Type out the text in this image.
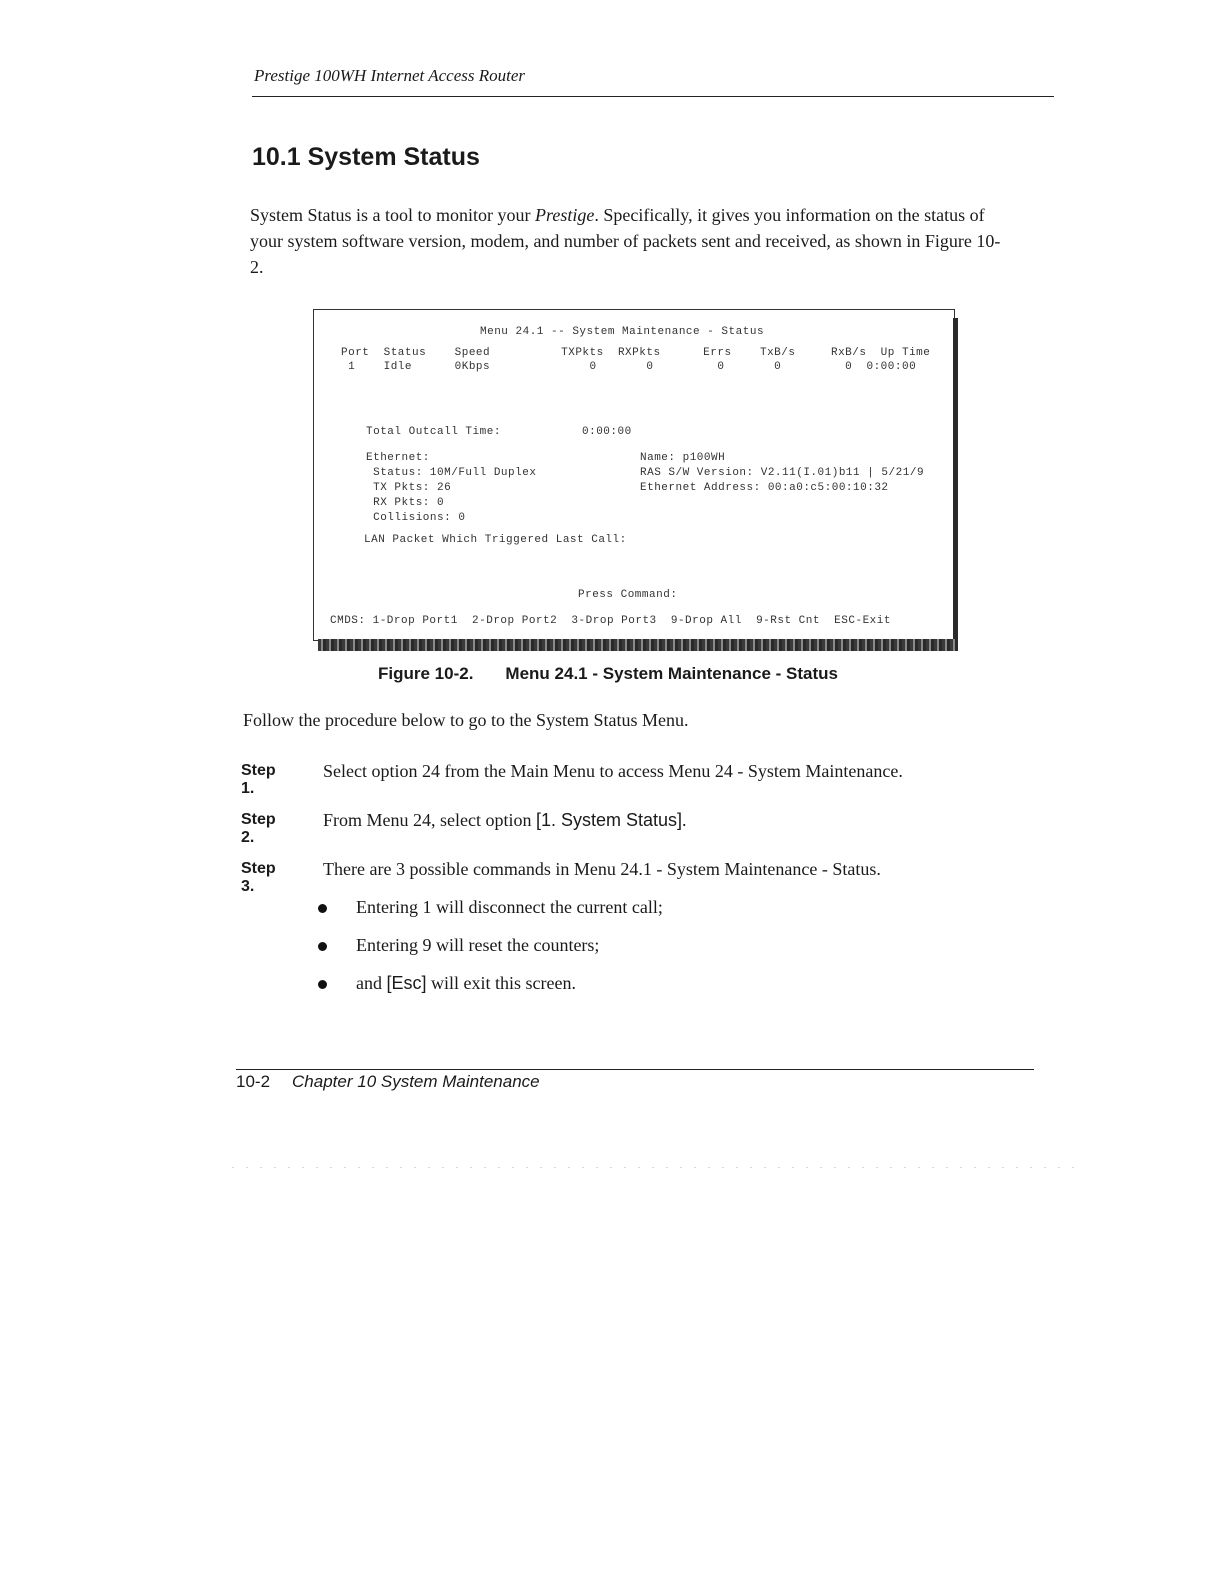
Prestige 100WH Internet Access Router
10.1 System Status

System Status is a tool to monitor your Prestige. Specifically, it gives you information on the status of your system software version, modem, and number of packets sent and received, as shown in Figure 10-2.

Menu 24.1 -- System Maintenance - Status
Port  Status    Speed          TXPkts  RXPkts      Errs    TxB/s     RxB/s  Up Time
1    Idle      0Kbps              0       0         0       0         0  0:00:00
Total Outcall Time:	0:00:00
Ethernet:
Status: 10M/Full Duplex
TX Pkts: 26
RX Pkts: 0
Collisions: 0
Name: p100WH
RAS S/W Version: V2.11(I.01)b11 | 5/21/9
Ethernet Address: 00:a0:c5:00:10:32
LAN Packet Which Triggered Last Call:
Press Command:
CMDS: 1-Drop Port1  2-Drop Port2  3-Drop Port3  9-Drop All  9-Rst Cnt  ESC-Exit
Figure 10-2. Menu 24.1 - System Maintenance - Status
Follow the procedure below to go to the System Status Menu.
Step 1.
Select option 24 from the Main Menu to access Menu 24 - System Maintenance.
Step 2.
From Menu 24, select option [1. System Status].
Step 3.
There are 3 possible commands in Menu 24.1 - System Maintenance - Status.
Entering 1 will disconnect the current call;
Entering 9 will reset the counters;
and [Esc] will exit this screen.
10-2 Chapter 10 System Maintenance
